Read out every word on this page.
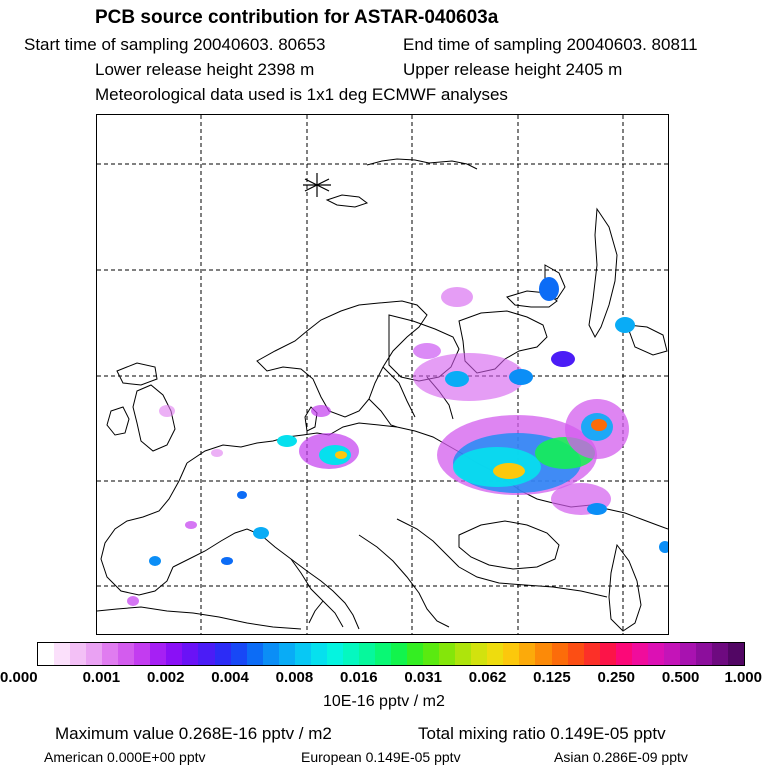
PCB source contribution for ASTAR-040603a
Start time of sampling 20040603. 80653	End time of sampling 20040603. 80811
Lower release height 2398 m	Upper release height 2405 m
Meteorological data used is 1x1 deg ECMWF analyses
0.000	0.001 0.002 0.004 0.008 0.016 0.031 0.062 0.125 0.250 0.500 1.000
10E-16 pptv / m2
Maximum value 0.268E-16 pptv / m2	Total mixing ratio 0.149E-05 pptv
American 0.000E+00 pptv	European 0.149E-05 pptv	Asian 0.286E-09 pptv
